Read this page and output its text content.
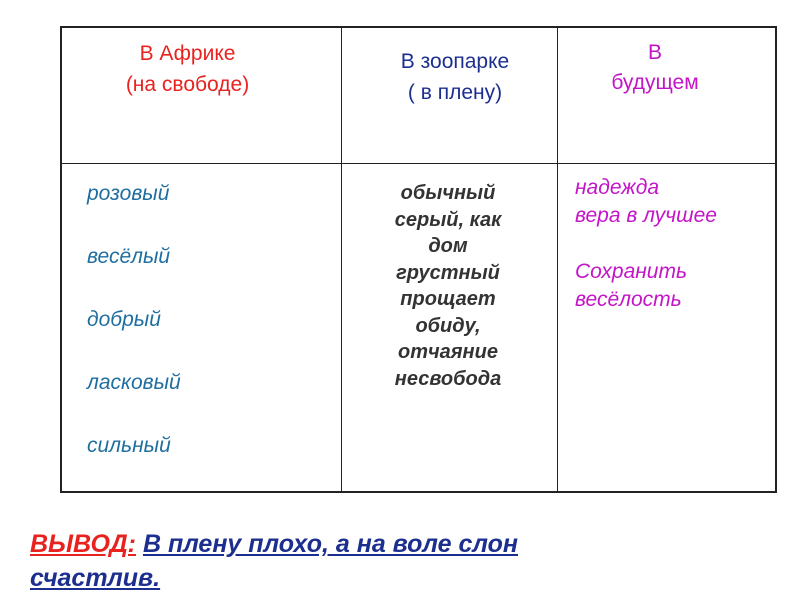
В Африке
(на свободе)
В зоопарке
( в плену)
В
будущем
розовый
весёлый
добрый
ласковый
сильный
обычный
серый, как
дом
грустный
прощает
обиду,
отчаяние
несвобода
надежда
вера в лучшее
Сохранить
весёлость
ВЫВОД: В плену плохо, а на воле слон
счастлив.
